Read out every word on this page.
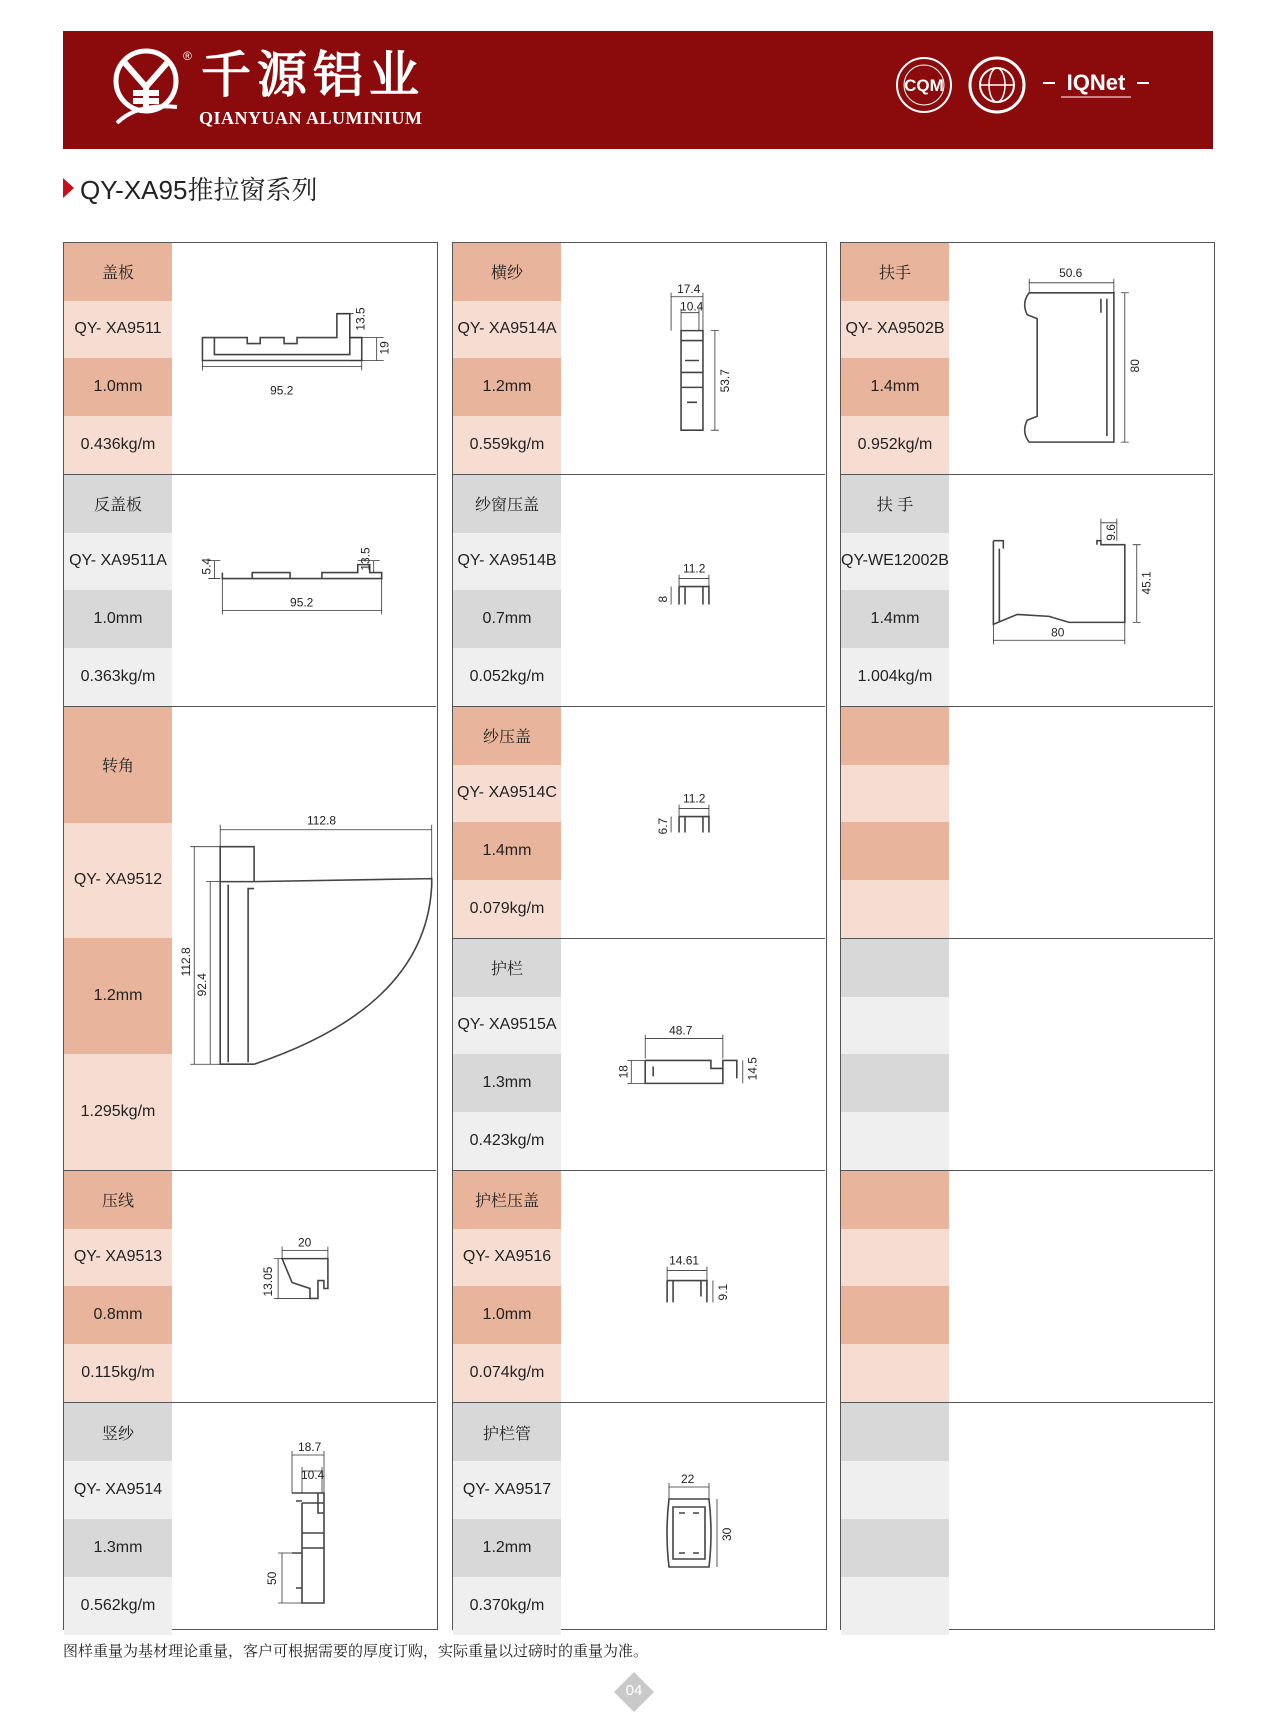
® 千源铝业
QIANYUAN ALUMINIUM
CQM	IQNet
QY-XA95推拉窗系列
盖板
QY- XA9511
1.0mm
0.436kg/m
13.5
19
95.2
反盖板
QY- XA9511A
1.0mm
0.363kg/m
5.4	13.5
95.2
转角
QY- XA9512
1.2mm
1.295kg/m
112.8
112.8
92.4
压线
QY- XA9513
0.8mm
0.115kg/m
20
13.05
竖纱
QY- XA9514
1.3mm
0.562kg/m
18.7
10.4
50
横纱
QY- XA9514A
1.2mm
0.559kg/m
17.4
10.4
53.7
纱窗压盖
QY- XA9514B
0.7mm
0.052kg/m
11.2
8
纱压盖
QY- XA9514C
1.4mm
0.079kg/m
11.2
6.7
护栏
QY- XA9515A
1.3mm
0.423kg/m
48.7
18	14.5
护栏压盖
QY- XA9516
1.0mm
0.074kg/m
14.61
9.1
护栏管
QY- XA9517
1.2mm
0.370kg/m
22
30
扶手
QY- XA9502B
1.4mm
0.952kg/m
50.6
80
扶 手
QY-WE12002B
1.4mm
1.004kg/m
9.6
45.1
80
图样重量为基材理论重量，客户可根据需要的厚度订购，实际重量以过磅时的重量为准。
04
